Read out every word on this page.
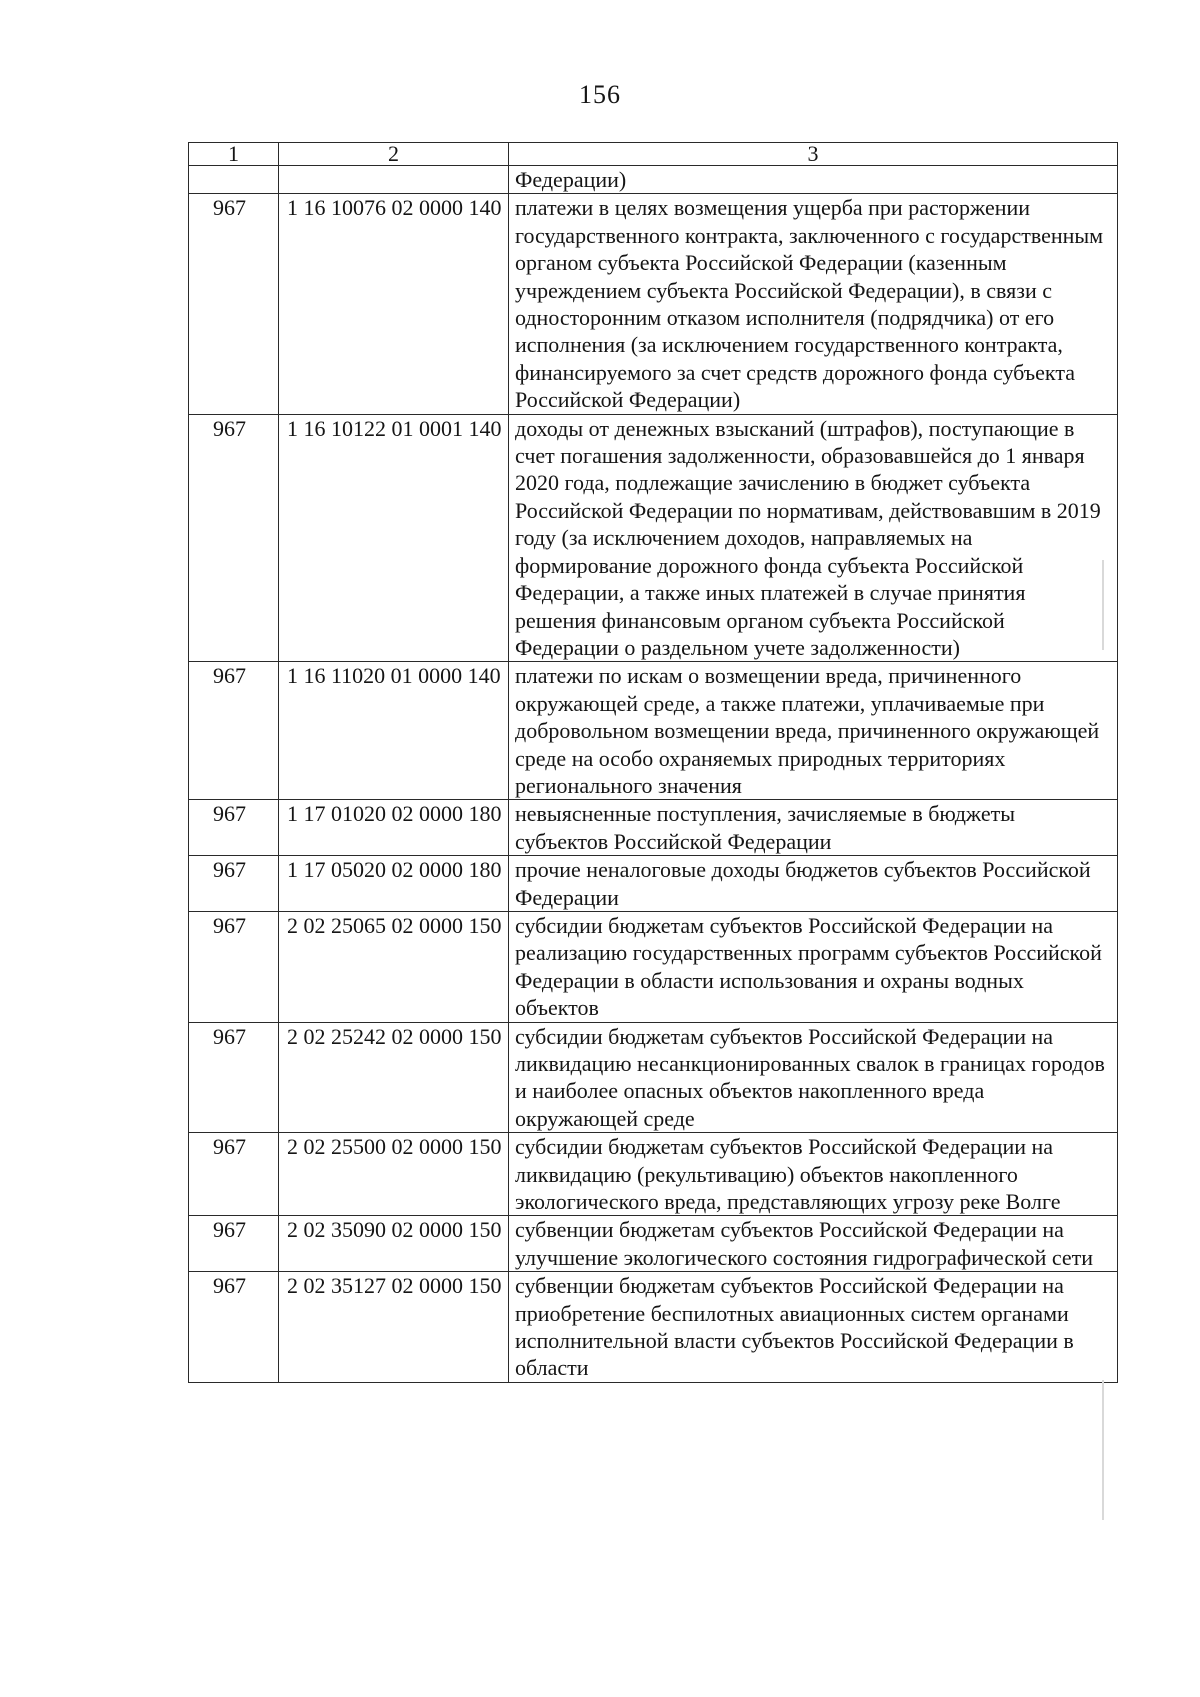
156
1	2	3
		Федерации)
967	1 16 10076 02 0000 140	платежи в целях возмещения ущерба при расторжении государственного контракта, заключенного с государственным органом субъекта Российской Федерации (казенным учреждением субъекта Российской Федерации), в связи с односторонним отказом исполнителя (подрядчика) от его исполнения (за исключением государственного контракта, финансируемого за счет средств дорожного фонда субъекта Российской Федерации)
967	1 16 10122 01 0001 140	доходы от денежных взысканий (штрафов), поступающие в счет погашения задолженности, образовавшейся до 1 января 2020 года, подлежащие зачислению в бюджет субъекта Российской Федерации по нормативам, действовавшим в 2019 году (за исключением доходов, направляемых на формирование дорожного фонда субъекта Российской Федерации, а также иных платежей в случае принятия решения финансовым органом субъекта Российской Федерации о раздельном учете задолженности)
967	1 16 11020 01 0000 140	платежи по искам о возмещении вреда, причиненного окружающей среде, а также платежи, уплачиваемые при добровольном возмещении вреда, причиненного окружающей среде на особо охраняемых природных территориях регионального значения
967	1 17 01020 02 0000 180	невыясненные поступления, зачисляемые в бюджеты субъектов Российской Федерации
967	1 17 05020 02 0000 180	прочие неналоговые доходы бюджетов субъектов Российской Федерации
967	2 02 25065 02 0000 150	субсидии бюджетам субъектов Российской Федерации на реализацию государственных программ субъектов Российской Федерации в области использования и охраны водных объектов
967	2 02 25242 02 0000 150	субсидии бюджетам субъектов Российской Федерации на ликвидацию несанкционированных свалок в границах городов и наиболее опасных объектов накопленного вреда окружающей среде
967	2 02 25500 02 0000 150	субсидии бюджетам субъектов Российской Федерации на ликвидацию (рекультивацию) объектов накопленного экологического вреда, представляющих угрозу реке Волге
967	2 02 35090 02 0000 150	субвенции бюджетам субъектов Российской Федерации на улучшение экологического состояния гидрографической сети
967	2 02 35127 02 0000 150	субвенции бюджетам субъектов Российской Федерации на приобретение беспилотных авиационных систем органами исполнительной власти субъектов Российской Федерации в области
